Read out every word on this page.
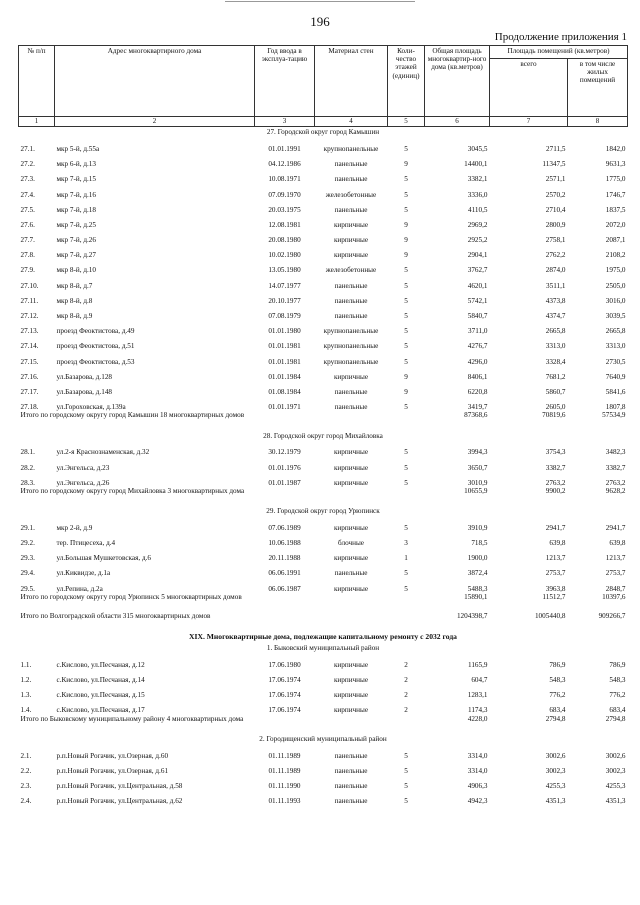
196
Продолжение приложения 1
№ п/п	Адрес многоквартирного дома	Год ввода в эксплуа-тацию	Материал стен	Коли-чество этажей (единиц)	Общая площадь многоквартир-ного дома (кв.метров)	Площадь помещений (кв.метров)	
						всего	в том числе жилых помещений
1	2	3	4	5	6	7	8
27. Городской округ город Камышин							
27.1.	мкр 5-й, д.55а	01.01.1991	крупнопанельные	5	3045,5	2711,5	1842,0
27.2.	мкр 6-й, д.13	04.12.1986	панельные	9	14400,1	11347,5	9631,3
27.3.	мкр 7-й, д.15	10.08.1971	панельные	5	3382,1	2571,1	1775,0
27.4.	мкр 7-й, д.16	07.09.1970	железобетонные	5	3336,0	2570,2	1746,7
27.5.	мкр 7-й, д.18	20.03.1975	панельные	5	4110,5	2710,4	1837,5
27.6.	мкр 7-й, д.25	12.08.1981	кирпичные	9	2969,2	2800,9	2072,0
27.7.	мкр 7-й, д.26	20.08.1980	кирпичные	9	2925,2	2758,1	2087,1
27.8.	мкр 7-й, д.27	10.02.1980	кирпичные	9	2904,1	2762,2	2108,2
27.9.	мкр 8-й, д.10	13.05.1980	железобетонные	5	3762,7	2874,0	1975,0
27.10.	мкр 8-й, д.7	14.07.1977	панельные	5	4620,1	3511,1	2505,0
27.11.	мкр 8-й, д.8	20.10.1977	панельные	5	5742,1	4373,8	3016,0
27.12.	мкр 8-й, д.9	07.08.1979	панельные	5	5840,7	4374,7	3039,5
27.13.	проезд Феоктистова, д.49	01.01.1980	крупнопанельные	5	3711,0	2665,8	2665,8
27.14.	проезд Феоктистова, д.51	01.01.1981	крупнопанельные	5	4276,7	3313,0	3313,0
27.15.	проезд Феоктистова, д.53	01.01.1981	крупнопанельные	5	4296,0	3328,4	2730,5
27.16.	ул.Базарова, д.128	01.01.1984	кирпичные	9	8406,1	7681,2	7640,9
27.17.	ул.Базарова, д.148	01.08.1984	панельные	9	6220,8	5860,7	5841,6
27.18.	ул.Гороховская, д.139а	01.01.1971	панельные	5	3419,7	2605,0	1807,8
Итого по городскому округу город Камышин 18 многоквартирных домов					87368,6	70819,6	57534,9
28. Городской округ город Михайловка							
28.1.	ул.2-я Краснознаменская, д.32	30.12.1979	кирпичные	5	3994,3	3754,3	3482,3
28.2.	ул.Энгельса, д.23	01.01.1976	кирпичные	5	3650,7	3382,7	3382,7
28.3.	ул.Энгельса, д.26	01.01.1987	кирпичные	5	3010,9	2763,2	2763,2
Итого по городскому округу город Михайловка 3 многоквартирных дома					10655,9	9900,2	9628,2
29. Городской округ город Урюпинск							
29.1.	мкр 2-й, д.9	07.06.1989	кирпичные	5	3910,9	2941,7	2941,7
29.2.	тер. Птицесеха, д.4	10.06.1988	блочные	3	718,5	639,8	639,8
29.3.	ул.Большая Мушкетовская, д.6	20.11.1988	кирпичные	1	1900,0	1213,7	1213,7
29.4.	ул.Киквидзе, д.1а	06.06.1991	панельные	5	3872,4	2753,7	2753,7
29.5.	ул.Репина, д.2а	06.06.1987	кирпичные	5	5488,3	3963,8	2848,7
Итого по городскому округу город Урюпинск 5 многоквартирных домов					15890,1	11512,7	10397,6
Итого по Волгоградской области 315 многоквартирных домов					1204398,7	1005440,8	909266,7
XIX. Многоквартирные дома, подлежащие капитальному ремонту с 2032 года							
1. Быковский муниципальный район							
1.1.	с.Кислово, ул.Песчаная, д.12	17.06.1980	кирпичные	2	1165,9	786,9	786,9
1.2.	с.Кислово, ул.Песчаная, д.14	17.06.1974	кирпичные	2	604,7	548,3	548,3
1.3.	с.Кислово, ул.Песчаная, д.15	17.06.1974	кирпичные	2	1283,1	776,2	776,2
1.4.	с.Кислово, ул.Песчаная, д.17	17.06.1974	кирпичные	2	1174,3	683,4	683,4
Итого по Быковскому муниципальному району 4 многоквартирных дома					4228,0	2794,8	2794,8
2. Городищенский муниципальный район							
2.1.	р.п.Новый Рогачик, ул.Озерная, д.60	01.11.1989	панельные	5	3314,0	3002,6	3002,6
2.2.	р.п.Новый Рогачик, ул.Озерная, д.61	01.11.1989	панельные	5	3314,0	3002,3	3002,3
2.3.	р.п.Новый Рогачик, ул.Центральная, д.58	01.11.1990	панельные	5	4906,3	4255,3	4255,3
2.4.	р.п.Новый Рогачик, ул.Центральная, д.62	01.11.1993	панельные	5	4942,3	4351,3	4351,3
